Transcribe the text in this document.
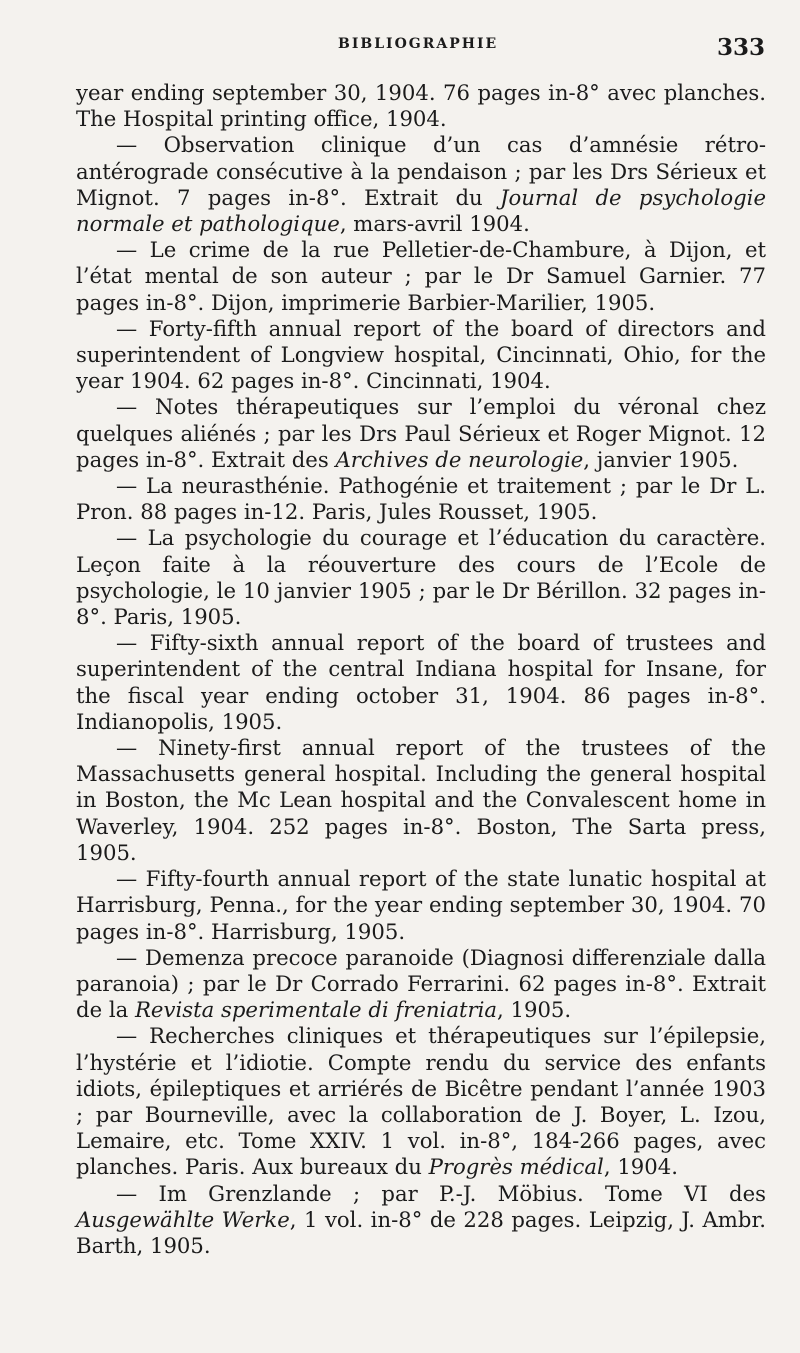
BIBLIOGRAPHIE	333

year ending september 30, 1904. 76 pages in-8° avec planches. The Hospital printing office, 1904.

— Observation clinique d’un cas d’amnésie rétro-antérograde consécutive à la pendaison ; par les Drs Sérieux et Mignot. 7 pages in-8°. Extrait du Journal de psychologie normale et pathologique, mars-avril 1904.

— Le crime de la rue Pelletier-de-Chambure, à Dijon, et l’état mental de son auteur ; par le Dr Samuel Garnier. 77 pages in-8°. Dijon, imprimerie Barbier-Marilier, 1905.

— Forty-fifth annual report of the board of directors and superintendent of Longview hospital, Cincinnati, Ohio, for the year 1904. 62 pages in-8°. Cincinnati, 1904.

— Notes thérapeutiques sur l’emploi du véronal chez quelques aliénés ; par les Drs Paul Sérieux et Roger Mignot. 12 pages in-8°. Extrait des Archives de neurologie, janvier 1905.

— La neurasthénie. Pathogénie et traitement ; par le Dr L. Pron. 88 pages in-12. Paris, Jules Rousset, 1905.

— La psychologie du courage et l’éducation du caractère. Leçon faite à la réouverture des cours de l’Ecole de psychologie, le 10 janvier 1905 ; par le Dr Bérillon. 32 pages in-8°. Paris, 1905.

— Fifty-sixth annual report of the board of trustees and superintendent of the central Indiana hospital for Insane, for the fiscal year ending october 31, 1904. 86 pages in-8°. Indianopolis, 1905.

— Ninety-first annual report of the trustees of the Massachusetts general hospital. Including the general hospital in Boston, the Mc Lean hospital and the Convalescent home in Waverley, 1904. 252 pages in-8°. Boston, The Sarta press, 1905.

— Fifty-fourth annual report of the state lunatic hospital at Harrisburg, Penna., for the year ending september 30, 1904. 70 pages in-8°. Harrisburg, 1905.

— Demenza precoce paranoide (Diagnosi differenziale dalla paranoia) ; par le Dr Corrado Ferrarini. 62 pages in-8°. Extrait de la Revista sperimentale di freniatria, 1905.

— Recherches cliniques et thérapeutiques sur l’épilepsie, l’hystérie et l’idiotie. Compte rendu du service des enfants idiots, épileptiques et arriérés de Bicêtre pendant l’année 1903 ; par Bourneville, avec la collaboration de J. Boyer, L. Izou, Lemaire, etc. Tome XXIV. 1 vol. in-8°, 184-266 pages, avec planches. Paris. Aux bureaux du Progrès médical, 1904.

— Im Grenzlande ; par P.-J. Möbius. Tome VI des Ausgewählte Werke, 1 vol. in-8° de 228 pages. Leipzig, J. Ambr. Barth, 1905.
